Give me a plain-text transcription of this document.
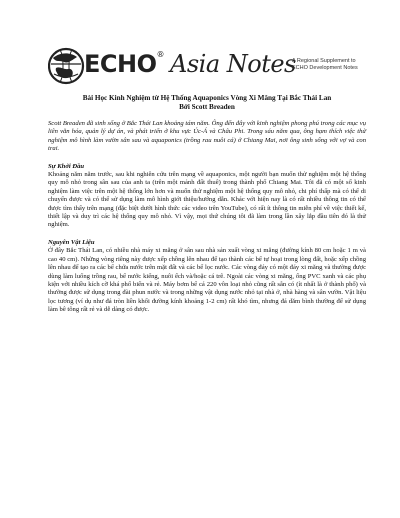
ECHO® Asia Notes
A Regional Supplement to
ECHO Development Notes

Bài Học Kinh Nghiệm từ Hệ Thống Aquaponics Vòng Xi Măng Tại Bắc Thái Lan
Bởi Scott Breaden

Scott Breaden đã sinh sống ở Bắc Thái Lan khoảng tám năm. Ông đến đây với kinh nghiệm phong phú trong các mục vụ liên văn hóa, quản lý dự án, và phát triển ở khu vực Úc-Á và Châu Phi. Trong sáu năm qua, ông hạm thích việc thử nghiệm mô hình làm vườn sân sau và aquaponics (trồng rau nuôi cá) ở Chiang Mai, nơi ông sinh sống với vợ và con trai.

Sự Khởi Đầu

Khoảng năm năm trước, sau khi nghiên cứu trên mạng về aquaponics, một người bạn muốn thử nghiệm một hệ thống quy mô nhỏ trong sân sau của anh ta (trên một mảnh đất thuê) trong thành phố Chiang Mai. Tôi đã có một số kinh nghiệm làm việc trên một hệ thống lớn hơn và muốn thử nghiệm một hệ thống quy mô nhỏ, chi phí thấp mà có thể di chuyển được và có thể sử dụng làm mô hình giới thiệu/hướng dẫn. Khác với hiện nay là có rất nhiều thông tin có thể được tìm thấy trên mạng (đặc biệt dưới hình thức các video trên YouTube), có rất ít thông tin miễn phí về việc thiết kế, thiết lập và duy trì các hệ thống quy mô nhỏ. Vì vậy, mọi thứ chúng tôi đã làm trong lần xây lắp đầu tiên đó là thử nghiệm.

Nguyên Vật Liệu

Ở đây Bắc Thái Lan, có nhiều nhà máy xi măng ở sân sau nhà sản xuất vòng xi măng (đường kính 80 cm hoặc 1 m và cao 40 cm). Những vòng riêng này được xếp chồng lên nhau để tạo thành các bể tự hoại trong lòng đất, hoặc xếp chồng lên nhau để tạo ra các bể chứa nước trên mặt đất và các bể lọc nước. Các vòng đáy có một đáy xi măng và thường được dùng làm luống trồng rau, bể nước kiểng, nuôi ếch và/hoặc cá trê. Ngoài các vòng xi măng, ống PVC xanh và các phụ kiện với nhiều kích cỡ khá phổ biến và rẻ. Máy bơm bể cá 220 vôn loại nhỏ cũng rất sẵn có (ít nhất là ở thành phố) và thường được sử dụng trong đài phun nước và trong những vật dụng nước nhỏ tại nhà ở, nhà hàng và sân vườn. Vật liệu lọc tương (ví dụ như đá tròn liền khối đường kính khoảng 1-2 cm) rất khó tìm, nhưng đá dăm bình thường để sử dụng làm bê tông rất rẻ và dễ dàng có được.
